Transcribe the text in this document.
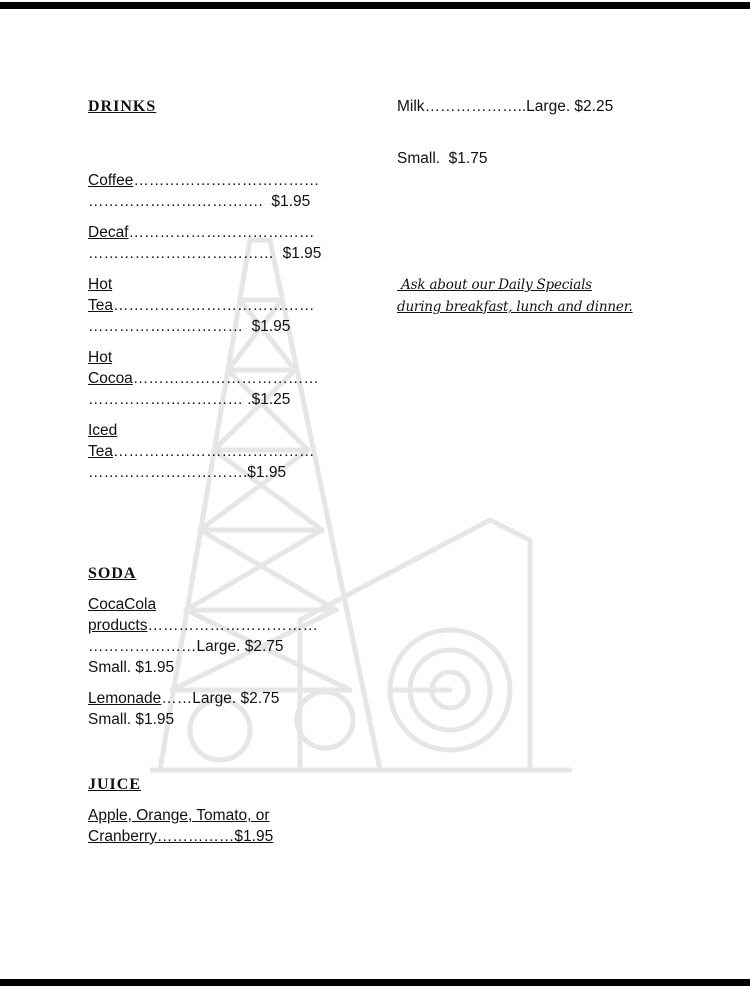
DRINKS
Coffee………………………………
…………………………….  $1.95
Decaf………………………………
………………………………  $1.95
Hot
Tea…………………………………
…………………………  $1.95
Hot
Cocoa………………………………
………………………… .$1.25
Iced
Tea…………………………………
………………………….$1.95
SODA
CocaCola
products……………………………
…………………Large. $2.75
Small. $1.95
Lemonade……Large. $2.75
Small. $1.95
JUICE
Apple, Orange, Tomato, or
Cranberry……………$1.95
Milk………………..Large. $2.25
Small.  $1.75
Ask about our Daily Specials
during breakfast, lunch and dinner.
